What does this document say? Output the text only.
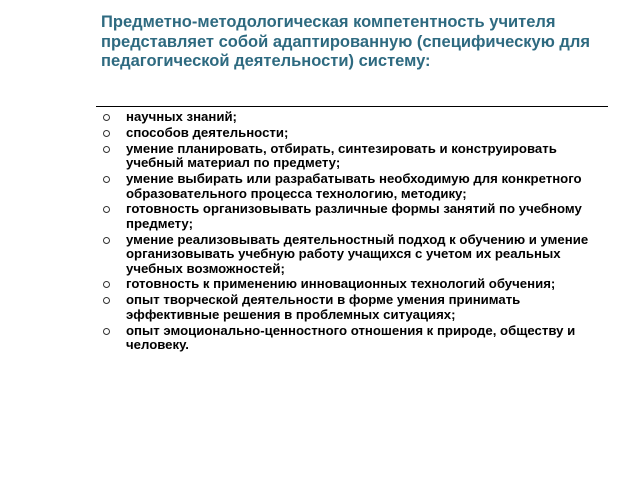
Предметно-методологическая компетентность учителя представляет собой адаптированную (специфическую для педагогической деятельности) систему:
научных знаний;
способов деятельности;
умение планировать, отбирать, синтезировать и конструировать учебный материал по предмету;
умение выбирать или разрабатывать необходимую для конкретного образовательного процесса технологию, методику;
готовность организовывать различные формы занятий по учебному предмету;
умение реализовывать деятельностный подход к обучению и умение организовывать учебную работу учащихся с учетом их реальных учебных возможностей;
готовность к применению инновационных технологий обучения;
опыт творческой деятельности в форме умения принимать эффективные решения в проблемных ситуациях;
опыт эмоционально-ценностного отношения к природе, обществу и человеку.
